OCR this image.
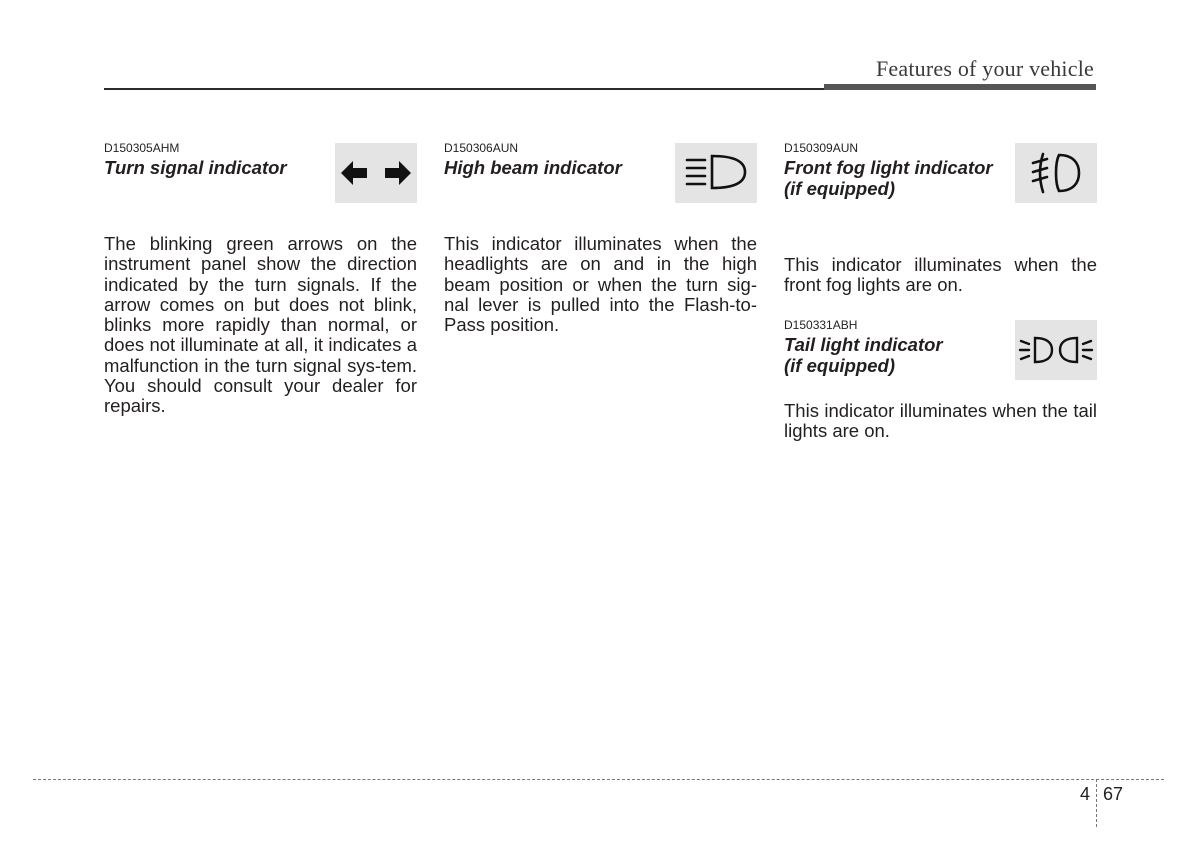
Features of your vehicle
D150305AHM
Turn signal indicator

The blinking green arrows on the instrument panel show the direction indicated by the turn signals. If the arrow comes on but does not blink, blinks more rapidly than normal, or does not illuminate at all, it indicates a malfunction in the turn signal sys-tem. You should consult your dealer for repairs.

D150306AUN
High beam indicator

This indicator illuminates when the headlights are on and in the high beam position or when the turn sig-nal lever is pulled into the Flash-to-Pass position.

D150309AUN
Front fog light indicator
(if equipped)

This indicator illuminates when the front fog lights are on.

D150331ABH
Tail light indicator
(if equipped)

This indicator illuminates when the tail lights are on.

4 67
